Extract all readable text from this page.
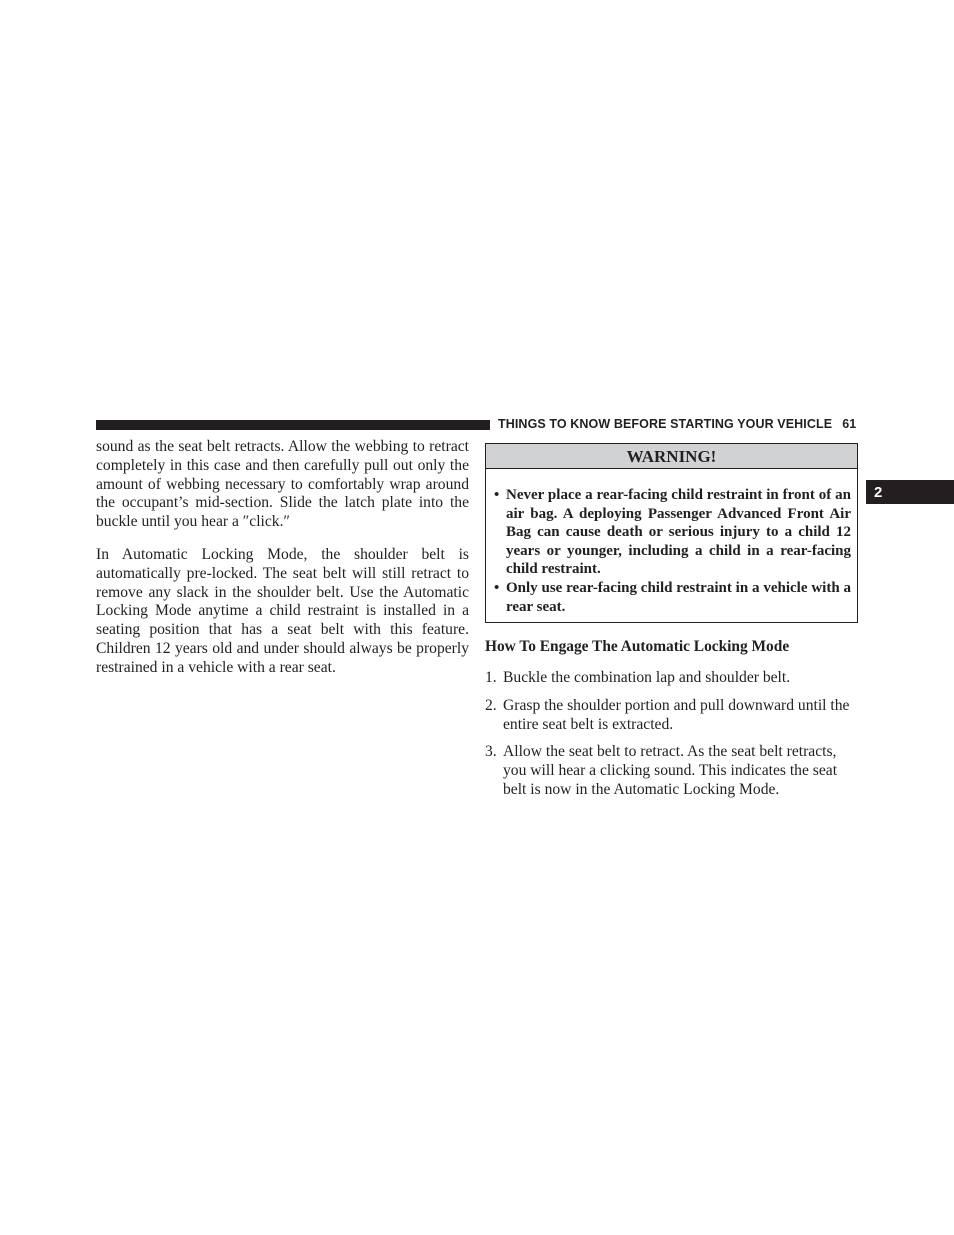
THINGS TO KNOW BEFORE STARTING YOUR VEHICLE 61
2

sound as the seat belt retracts. Allow the webbing to retract completely in this case and then carefully pull out only the amount of webbing necessary to comfortably wrap around the occupant’s mid-section. Slide the latch plate into the buckle until you hear a ″click.″

In Automatic Locking Mode, the shoulder belt is automatically pre-locked. The seat belt will still retract to remove any slack in the shoulder belt. Use the Automatic Locking Mode anytime a child restraint is installed in a seating position that has a seat belt with this feature. Children 12 years old and under should always be properly restrained in a vehicle with a rear seat.

WARNING!
• Never place a rear-facing child restraint in front of an air bag. A deploying Passenger Advanced Front Air Bag can cause death or serious injury to a child 12 years or younger, including a child in a rear-facing child restraint.
• Only use rear-facing child restraint in a vehicle with a rear seat.
How To Engage The Automatic Locking Mode
1. Buckle the combination lap and shoulder belt.
2. Grasp the shoulder portion and pull downward until the entire seat belt is extracted.
3. Allow the seat belt to retract. As the seat belt retracts, you will hear a clicking sound. This indicates the seat belt is now in the Automatic Locking Mode.
